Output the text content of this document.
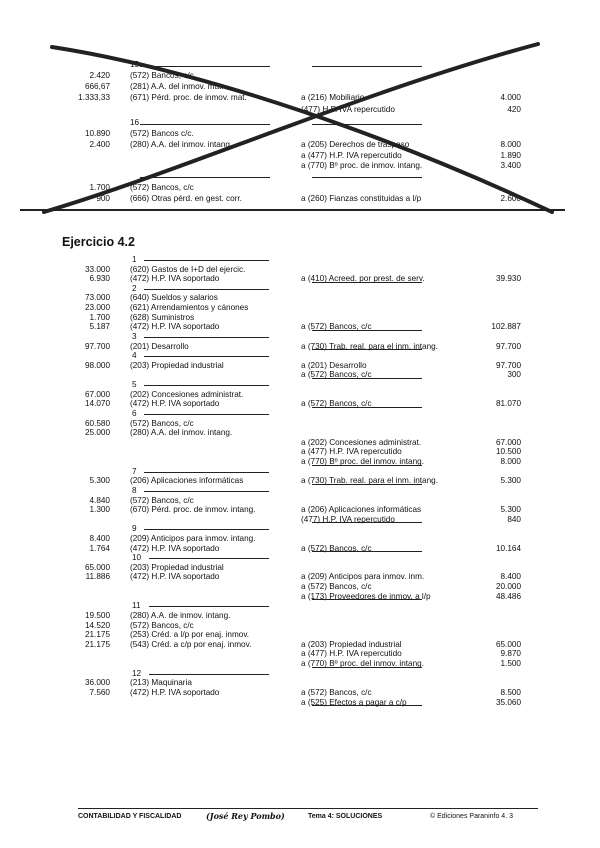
15
2.420 (572) Bancos, c/c
666,67 (281) A.A. del inmov. mat.
1.333,33 (671) Pérd. proc. de inmov. mat.	a (216) Mobiliario	4.000
(477) H.P. IVA repercutido	420
16
10.890 (572) Bancos c/c.
2.400 (280) A.A. del inmov. intang.	a (205) Derechos de traspaso	8.000
a (477) H.P. IVA repercutido	1.890
a (770) Bº proc. de inmov. intang.	3.400
1.700 (572) Bancos, c/c
900 (666) Otras pérd. en gest. corr.	a (260) Fianzas constituidas a l/p	2.600
Ejercicio 4.2
1
33.000 (620) Gastos de I+D del ejercic.
6.930 (472) H.P. IVA soportado	a (410) Acreed. por prest. de serv.	39.930
2
73.000 (640) Sueldos y salarios
23.000 (621) Arrendamientos y cánones
1.700 (628) Suministros
5.187 (472) H.P. IVA soportado	a (572) Bancos, c/c	102.887
3
97.700 (201) Desarrollo	a (730) Trab. real. para el inm. intang.	97.700
4
98.000 (203) Propiedad industrial	a (201) Desarrollo	97.700
a (572) Bancos, c/c	300
5
67.000 (202) Concesiones administrat.
14.070 (472) H.P. IVA soportado	a (572) Bancos, c/c	81.070
6
60.580 (572) Bancos, c/c
25.000 (280) A.A. del inmov. intang.
a (202) Concesiones administrat.	67.000
a (477) H.P. IVA repercutido	10.500
a (770) Bº proc. del inmov. intang.	8.000
7
5.300 (206) Aplicaciones informáticas	a (730) Trab. real. para el inm. intang.	5.300
8
4.840 (572) Bancos, c/c
1.300 (670) Pérd. proc. de inmov. intang.	a (206) Aplicaciones informáticas	5.300
(477) H.P. IVA repercutido	840
9
8.400 (209) Anticipos para inmov. intang.
1.764 (472) H.P. IVA soportado	a (572) Bancos, c/c	10.164
10
65.000 (203) Propiedad industrial
11.886 (472) H.P. IVA soportado	a (209) Anticipos para inmov. inm.	8.400
a (572) Bancos, c/c	20.000
a (173) Proveedores de inmov. a l/p	48.486
11
19.500 (280) A.A. de inmov. intang.
14.520 (572) Bancos, c/c
21.175 (253) Créd. a l/p por enaj. inmov.
21.175 (543) Créd. a c/p por enaj. inmov.	a (203) Propiedad industrial	65.000
a (477) H.P. IVA repercutido	9.870
a (770) Bº proc. del inmov. intang.	1.500
12
36.000 (213) Maquinaria
7.560 (472) H.P. IVA soportado	a (572) Bancos, c/c	8.500
a (525) Efectos a pagar a c/p	35.060
CONTABILIDAD Y FISCALIDAD	(José Rey Pombo)	Tema 4: SOLUCIONES	© Ediciones Paraninfo 4. 3
